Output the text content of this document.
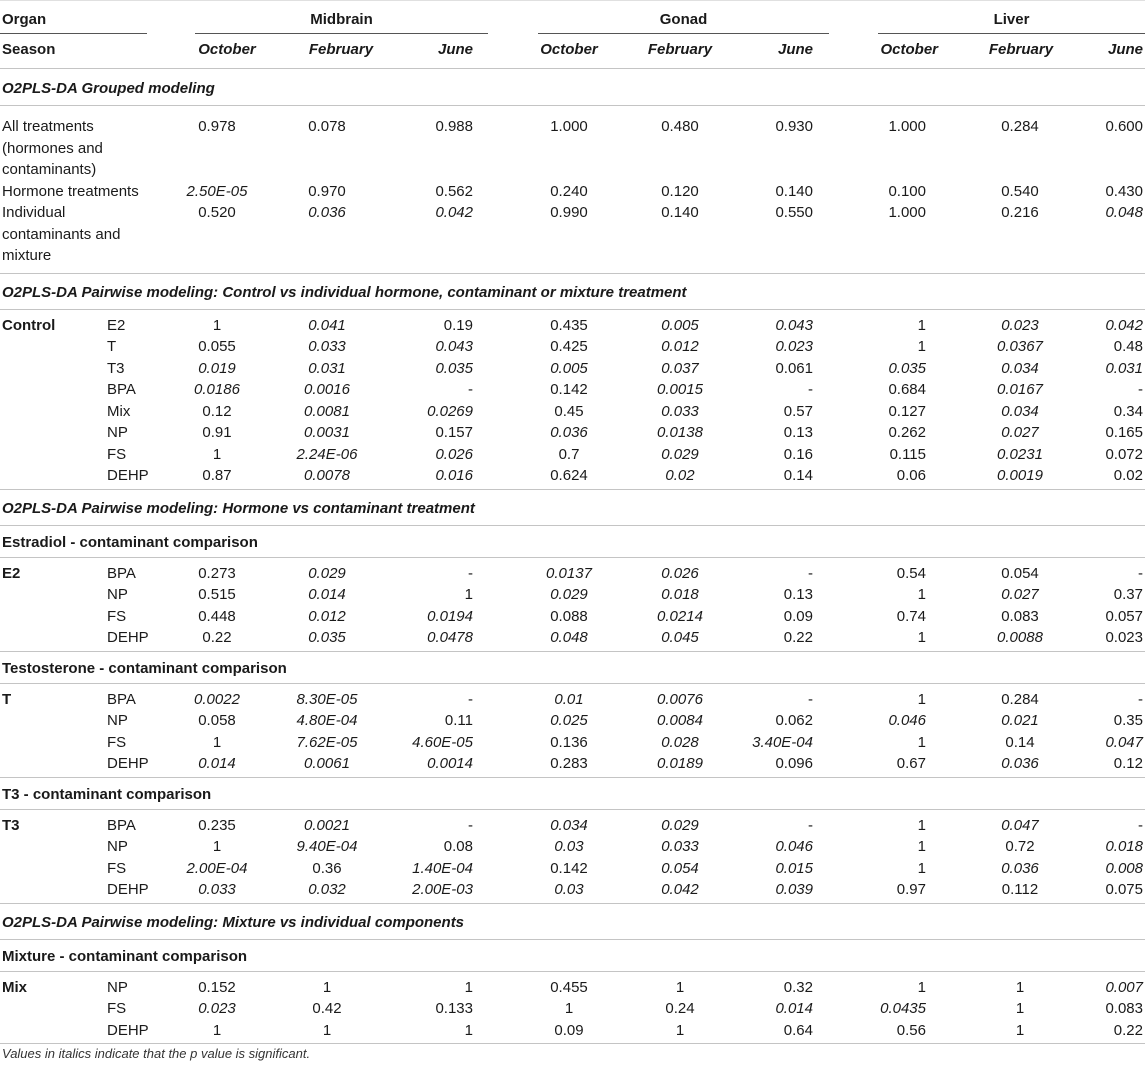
Organ
Season
Values in italics indicate that the p value is significant.
Midbrain
October	February	June
Gonad
October	February	June
Liver
October	February	June
O2PLS-DA Grouped modeling
All treatments (hormones and contaminants)
0.978	0.078	0.988	1.000	0.480	0.930	1.000	0.284	0.600
Hormone treatments	2.50E-05	0.970	0.562	0.240	0.120	0.140	0.100	0.540	0.430
Individual contaminants and mixture
0.520	0.036	0.042	0.990	0.140	0.550	1.000	0.216	0.048
O2PLS-DA Pairwise modeling: Control vs individual hormone, contaminant or mixture treatment
Control	E2	1	0.041	0.19	0.435	0.005	0.043	1	0.023	0.042
T	0.055	0.033	0.043	0.425	0.012	0.023	1	0.0367	0.48
T3	0.019	0.031	0.035	0.005	0.037	0.061	0.035	0.034	0.031
BPA	0.0186	0.0016	-	0.142	0.0015	-	0.684	0.0167	-
Mix	0.12	0.0081	0.0269	0.45	0.033	0.57	0.127	0.034	0.34
NP	0.91	0.0031	0.157	0.036	0.0138	0.13	0.262	0.027	0.165
FS	1	2.24E-06	0.026	0.7	0.029	0.16	0.115	0.0231	0.072
DEHP	0.87	0.0078	0.016	0.624	0.02	0.14	0.06	0.0019	0.02
O2PLS-DA Pairwise modeling: Hormone vs contaminant treatment
Estradiol - contaminant comparison
E2	BPA	0.273	0.029	-	0.0137	0.026	-	0.54	0.054	-
NP	0.515	0.014	1	0.029	0.018	0.13	1	0.027	0.37
FS	0.448	0.012	0.0194	0.088	0.0214	0.09	0.74	0.083	0.057
DEHP	0.22	0.035	0.0478	0.048	0.045	0.22	1	0.0088	0.023
Testosterone - contaminant comparison
T	BPA	0.0022	8.30E-05	-	0.01	0.0076	-	1	0.284	-
NP	0.058	4.80E-04	0.11	0.025	0.0084	0.062	0.046	0.021	0.35
FS	1	7.62E-05	4.60E-05	0.136	0.028	3.40E-04	1	0.14	0.047
DEHP	0.014	0.0061	0.0014	0.283	0.0189	0.096	0.67	0.036	0.12
T3 - contaminant comparison
T3	BPA	0.235	0.0021	-	0.034	0.029	-	1	0.047	-
NP	1	9.40E-04	0.08	0.03	0.033	0.046	1	0.72	0.018
FS	2.00E-04	0.36	1.40E-04	0.142	0.054	0.015	1	0.036	0.008
DEHP	0.033	0.032	2.00E-03	0.03	0.042	0.039	0.97	0.112	0.075
O2PLS-DA Pairwise modeling: Mixture vs individual components
Mixture - contaminant comparison
Mix	NP	0.152	1	1	0.455	1	0.32	1	1	0.007
FS	0.023	0.42	0.133	1	0.24	0.014	0.0435	1	0.083
DEHP	1	1	1	0.09	1	0.64	0.56	1	0.22
